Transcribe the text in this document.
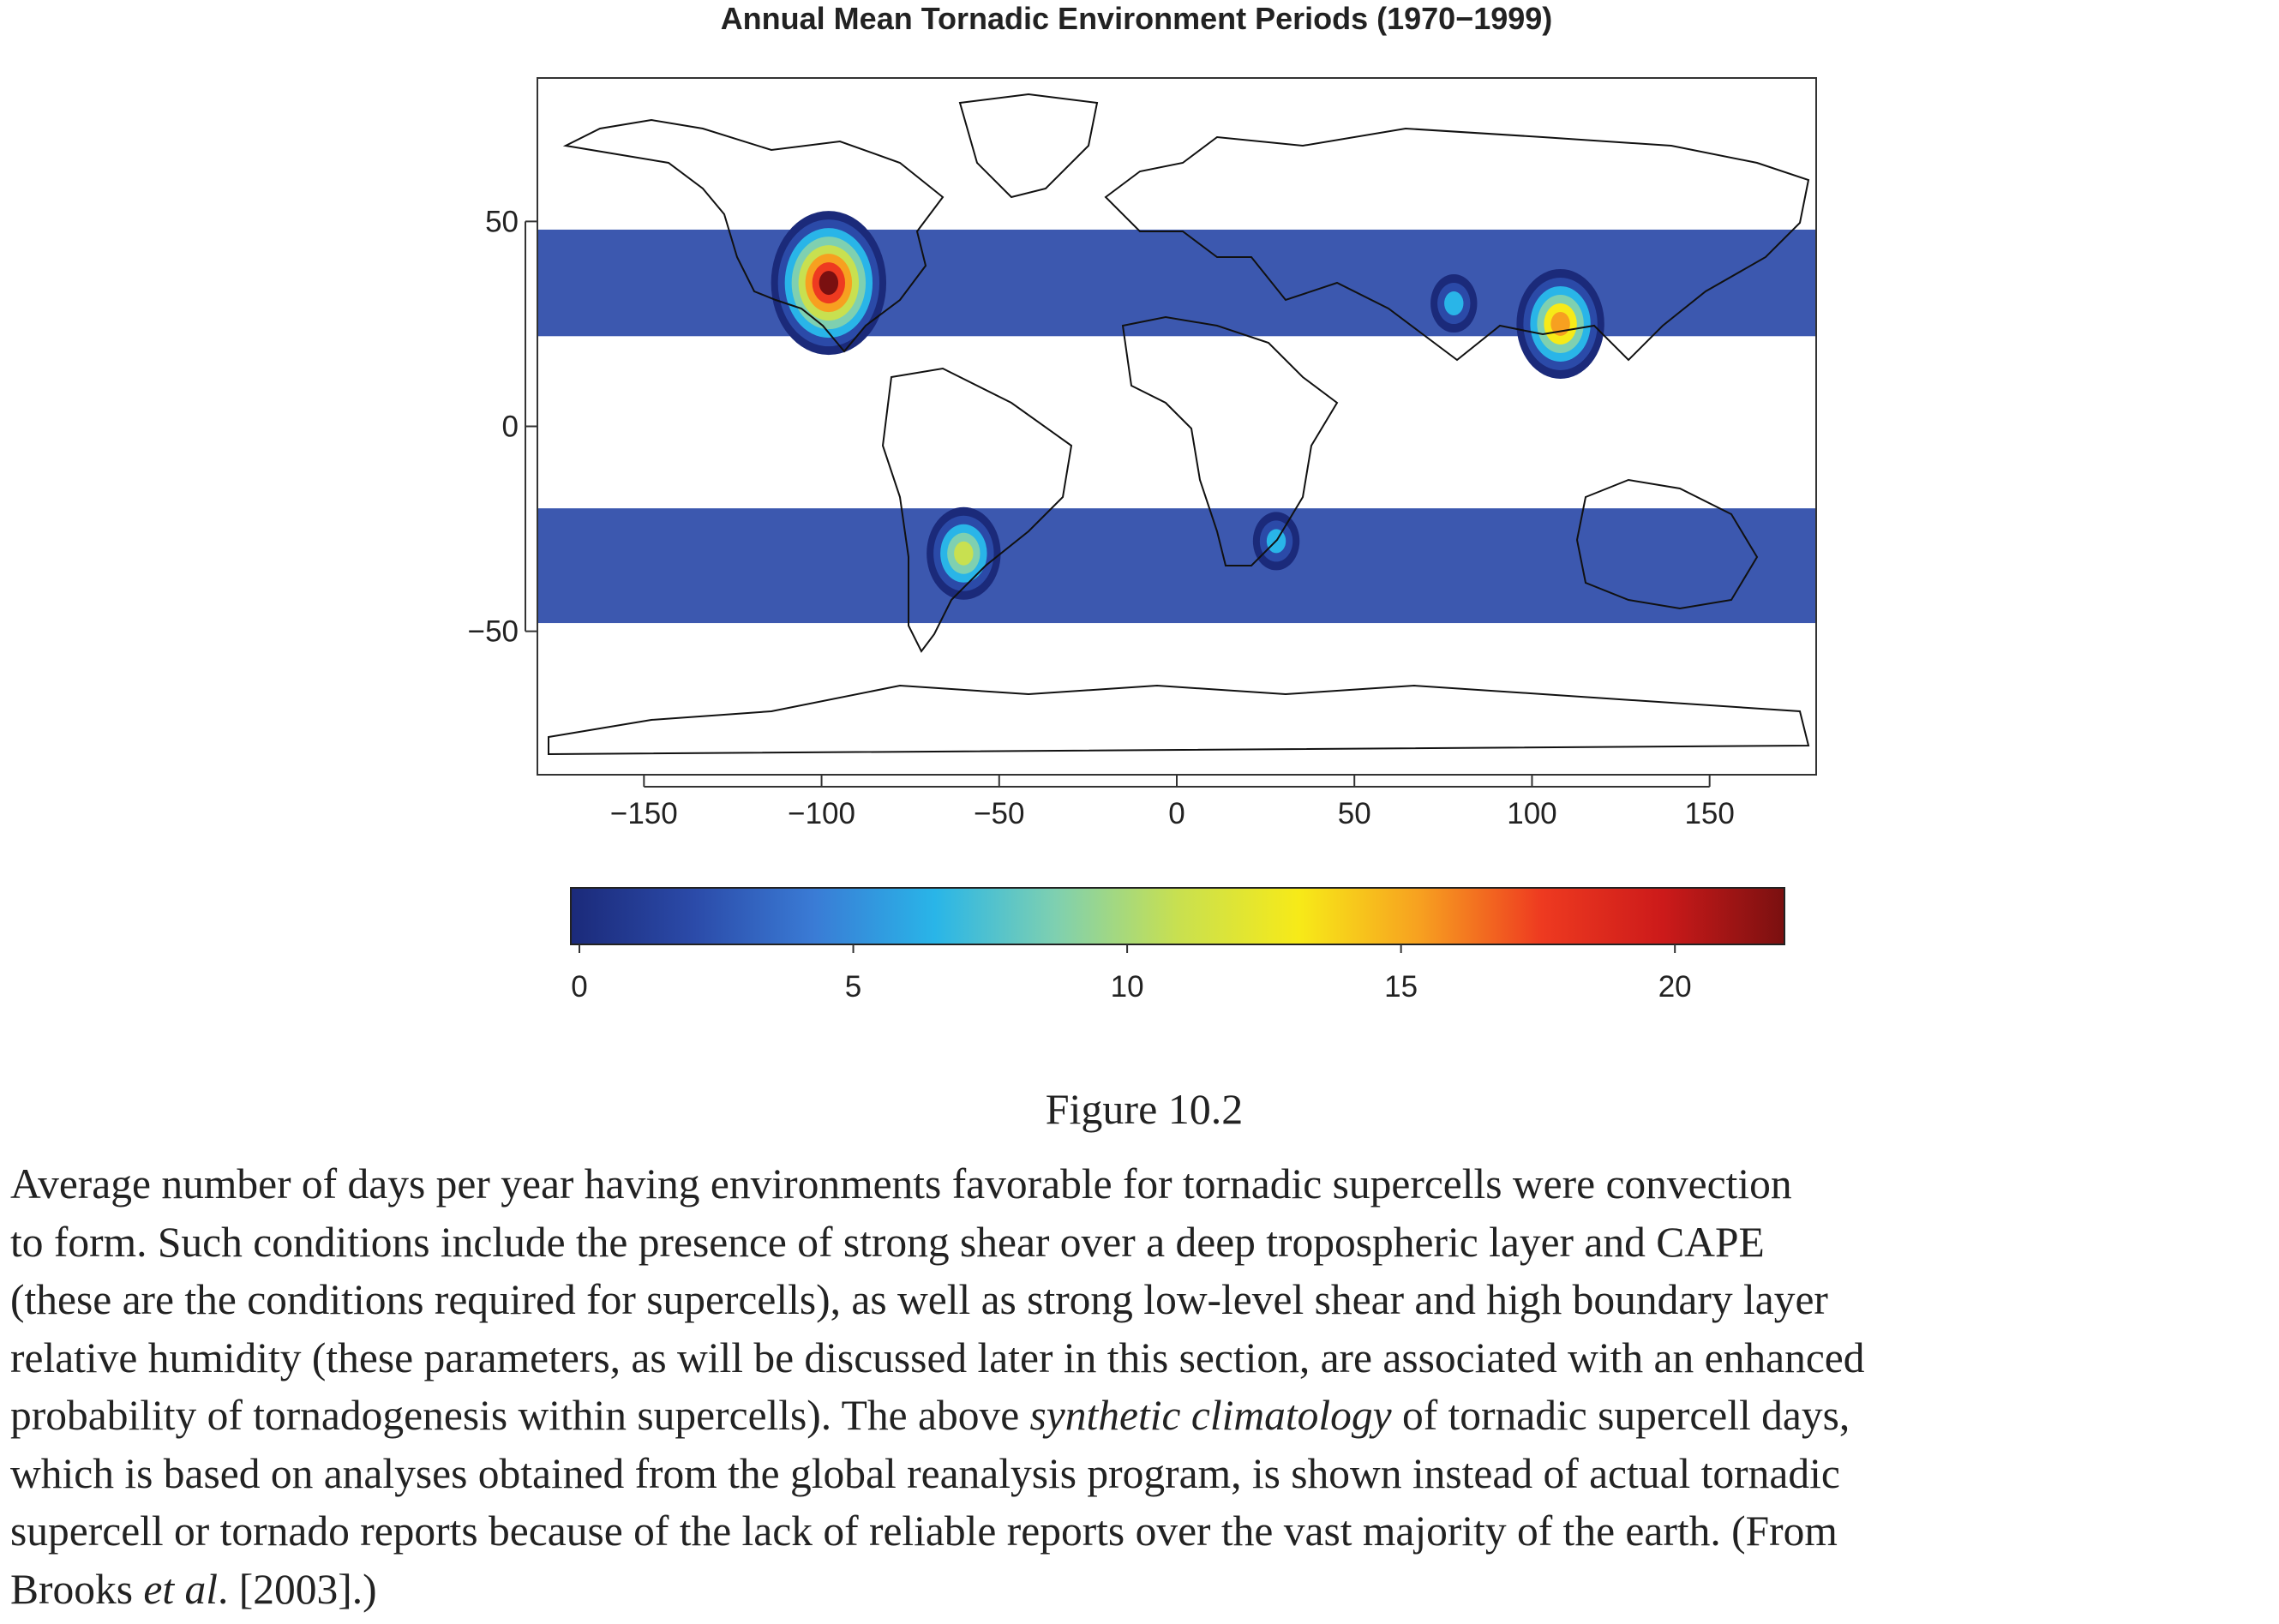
Annual Mean Tornadic Environment Periods (1970−1999)
−150	−100	−50	0	50	100	150
50
0
−50
0	5	10	15	20
Figure 10.2

Average number of days per year having environments favorable for tornadic supercells were convection

to form. Such conditions include the presence of strong shear over a deep tropospheric layer and CAPE

(these are the conditions required for supercells), as well as strong low-level shear and high boundary layer

relative humidity (these parameters, as will be discussed later in this section, are associated with an enhanced

probability of tornadogenesis within supercells). The above synthetic climatology of tornadic supercell days,

which is based on analyses obtained from the global reanalysis program, is shown instead of actual tornadic

supercell or tornado reports because of the lack of reliable reports over the vast majority of the earth. (From

Brooks et al. [2003].)
